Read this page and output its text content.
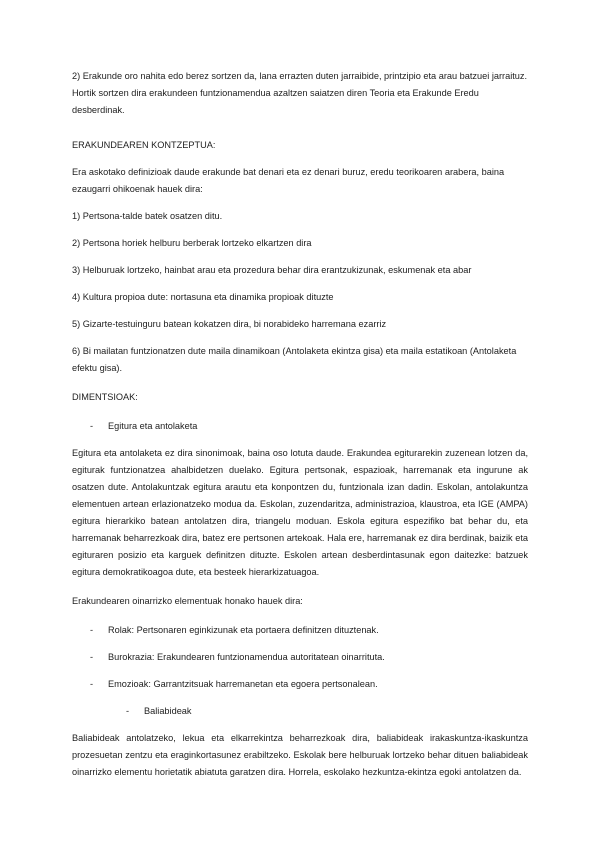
2) Erakunde oro nahita edo berez sortzen da, lana errazten duten jarraibide, printzipio eta arau batzuei jarraituz. Hortik sortzen dira erakundeen funtzionamendua azaltzen saiatzen diren Teoria eta Erakunde Eredu desberdinak.

ERAKUNDEAREN KONTZEPTUA:

Era askotako definizioak daude erakunde bat denari eta ez denari buruz, eredu teorikoaren arabera, baina ezaugarri ohikoenak hauek dira:

1) Pertsona-talde batek osatzen ditu.

2) Pertsona horiek helburu berberak lortzeko elkartzen dira

3) Helburuak lortzeko, hainbat arau eta prozedura behar dira erantzukizunak, eskumenak eta abar

4) Kultura propioa dute: nortasuna eta dinamika propioak dituzte

5) Gizarte-testuinguru batean kokatzen dira, bi norabideko harremana ezarriz

6) Bi mailatan funtzionatzen dute maila dinamikoan (Antolaketa ekintza gisa) eta maila estatikoan (Antolaketa efektu gisa).

DIMENTSIOAK:

-	Egitura eta antolaketa

Egitura eta antolaketa ez dira sinonimoak, baina oso lotuta daude. Erakundea egiturarekin zuzenean lotzen da, egiturak funtzionatzea ahalbidetzen duelako. Egitura pertsonak, espazioak, harremanak eta ingurune ak osatzen dute. Antolakuntzak egitura arautu eta konpontzen du, funtzionala izan dadin. Eskolan, antolakuntza elementuen artean erlazionatzeko modua da. Eskolan, zuzendaritza, administrazioa, klaustroa, eta IGE (AMPA) egitura hierarkiko batean antolatzen dira, triangelu moduan. Eskola egitura espezifiko bat behar du, eta harremanak beharrezkoak dira, batez ere pertsonen artekoak. Hala ere, harremanak ez dira berdinak, baizik eta egituraren posizio eta karguek definitzen dituzte. Eskolen artean desberdintasunak egon daitezke: batzuek egitura demokratikoagoa dute, eta besteek hierarkizatuagoa.

Erakundearen oinarrizko elementuak honako hauek dira:

-	Rolak: Pertsonaren eginkizunak eta portaera definitzen dituztenak.
-	Burokrazia: Erakundearen funtzionamendua autoritatean oinarrituta.
-	Emozioak: Garrantzitsuak harremanetan eta egoera pertsonalean.
-	Baliabideak

Baliabideak antolatzeko, lekua eta elkarrekintza beharrezkoak dira, baliabideak irakaskuntza-ikaskuntza prozesuetan zentzu eta eraginkortasunez erabiltzeko. Eskolak bere helburuak lortzeko behar dituen baliabideak oinarrizko elementu horietatik abiatuta garatzen dira. Horrela, eskolako hezkuntza-ekintza egoki antolatzen da.
